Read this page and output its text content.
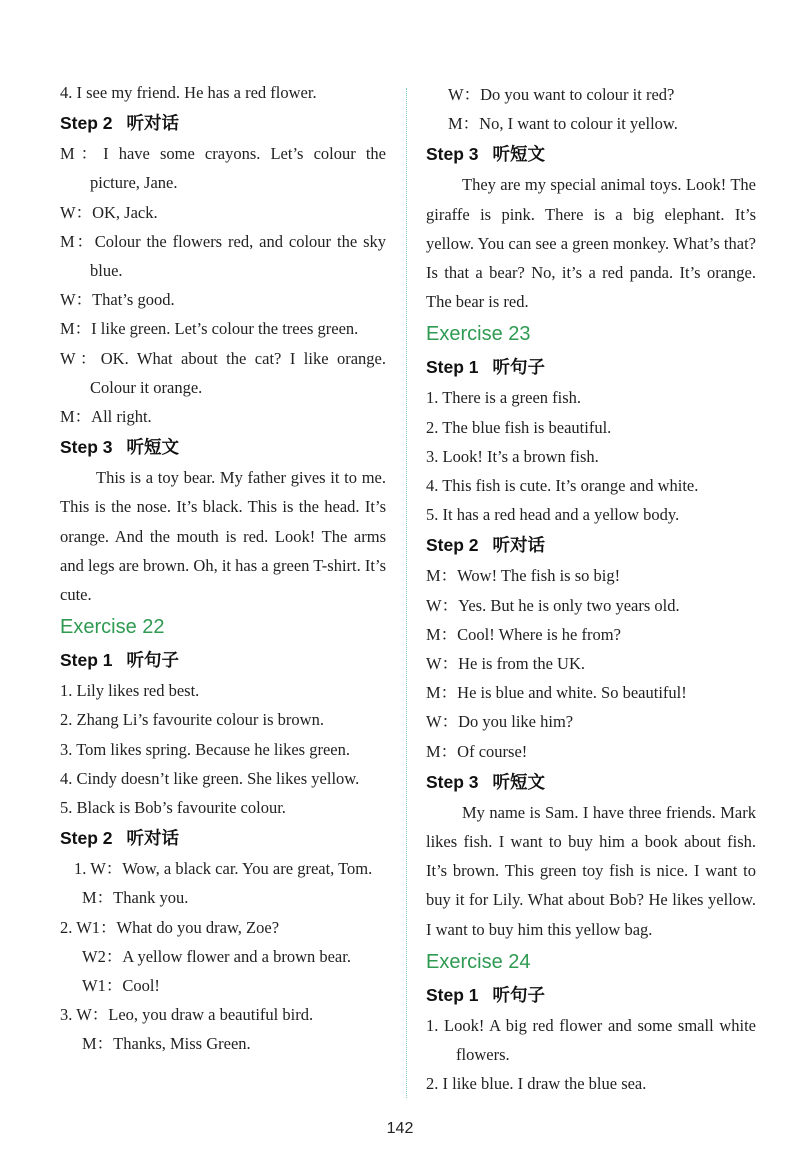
4. I see my friend. He has a red flower.
Step 2 听对话
M：I have some crayons. Let’s colour the picture, Jane.
W：OK, Jack.
M：Colour the flowers red, and colour the sky blue.
W：That’s good.
M：I like green. Let’s colour the trees green.
W：OK. What about the cat? I like orange. Colour it orange.
M：All right.
Step 3 听短文
This is a toy bear. My father gives it to me. This is the nose. It’s black. This is the head. It’s orange. And the mouth is red. Look! The arms and legs are brown. Oh, it has a green T-shirt. It’s cute.
Exercise 22
Step 1 听句子
1. Lily likes red best.
2. Zhang Li’s favourite colour is brown.
3. Tom likes spring. Because he likes green.
4. Cindy doesn’t like green. She likes yellow.
5. Black is Bob’s favourite colour.
Step 2 听对话
1. W：Wow, a black car. You are great, Tom.
M：Thank you.
2. W1：What do you draw, Zoe?
W2：A yellow flower and a brown bear.
W1：Cool!
3. W：Leo, you draw a beautiful bird.
M：Thanks, Miss Green.
W：Do you want to colour it red?
M：No, I want to colour it yellow.
Step 3 听短文
They are my special animal toys. Look! The giraffe is pink. There is a big elephant. It’s yellow. You can see a green monkey. What’s that? Is that a bear? No, it’s a red panda. It’s orange. The bear is red.
Exercise 23
Step 1 听句子
1. There is a green fish.
2. The blue fish is beautiful.
3. Look! It’s a brown fish.
4. This fish is cute. It’s orange and white.
5. It has a red head and a yellow body.
Step 2 听对话
M：Wow! The fish is so big!
W：Yes. But he is only two years old.
M：Cool! Where is he from?
W：He is from the UK.
M：He is blue and white. So beautiful!
W：Do you like him?
M：Of course!
Step 3 听短文
My name is Sam. I have three friends. Mark likes fish. I want to buy him a book about fish. It’s brown. This green toy fish is nice. I want to buy it for Lily. What about Bob? He likes yellow. I want to buy him this yellow bag.
Exercise 24
Step 1 听句子
1. Look! A big red flower and some small white flowers.
2. I like blue. I draw the blue sea.
142
